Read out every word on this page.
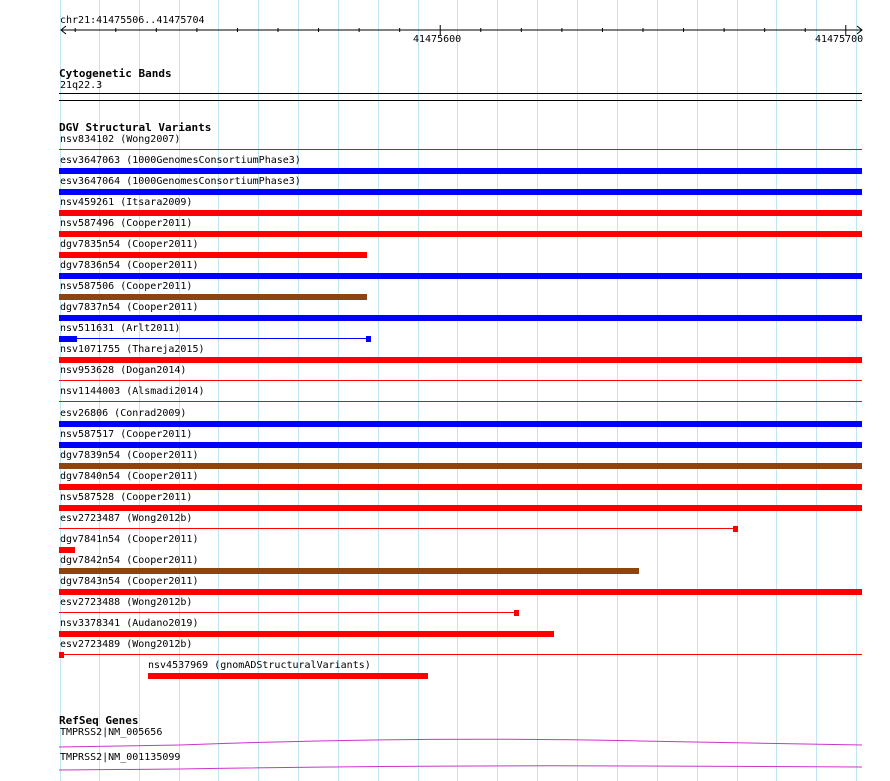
chr21:41475506..41475704
41475600	41475700
Cytogenetic Bands
21q22.3
DGV Structural Variants
nsv834102 (Wong2007)
esv3647063 (1000GenomesConsortiumPhase3)
esv3647064 (1000GenomesConsortiumPhase3)
nsv459261 (Itsara2009)
nsv587496 (Cooper2011)
dgv7835n54 (Cooper2011)
dgv7836n54 (Cooper2011)
nsv587506 (Cooper2011)
dgv7837n54 (Cooper2011)
nsv511631 (Arlt2011)
nsv1071755 (Thareja2015)
nsv953628 (Dogan2014)
nsv1144003 (Alsmadi2014)
esv26806 (Conrad2009)
nsv587517 (Cooper2011)
dgv7839n54 (Cooper2011)
dgv7840n54 (Cooper2011)
nsv587528 (Cooper2011)
esv2723487 (Wong2012b)
dgv7841n54 (Cooper2011)
dgv7842n54 (Cooper2011)
dgv7843n54 (Cooper2011)
esv2723488 (Wong2012b)
nsv3378341 (Audano2019)
esv2723489 (Wong2012b)
nsv4537969 (gnomADStructuralVariants)
RefSeq Genes
TMPRSS2|NM_005656
TMPRSS2|NM_001135099
